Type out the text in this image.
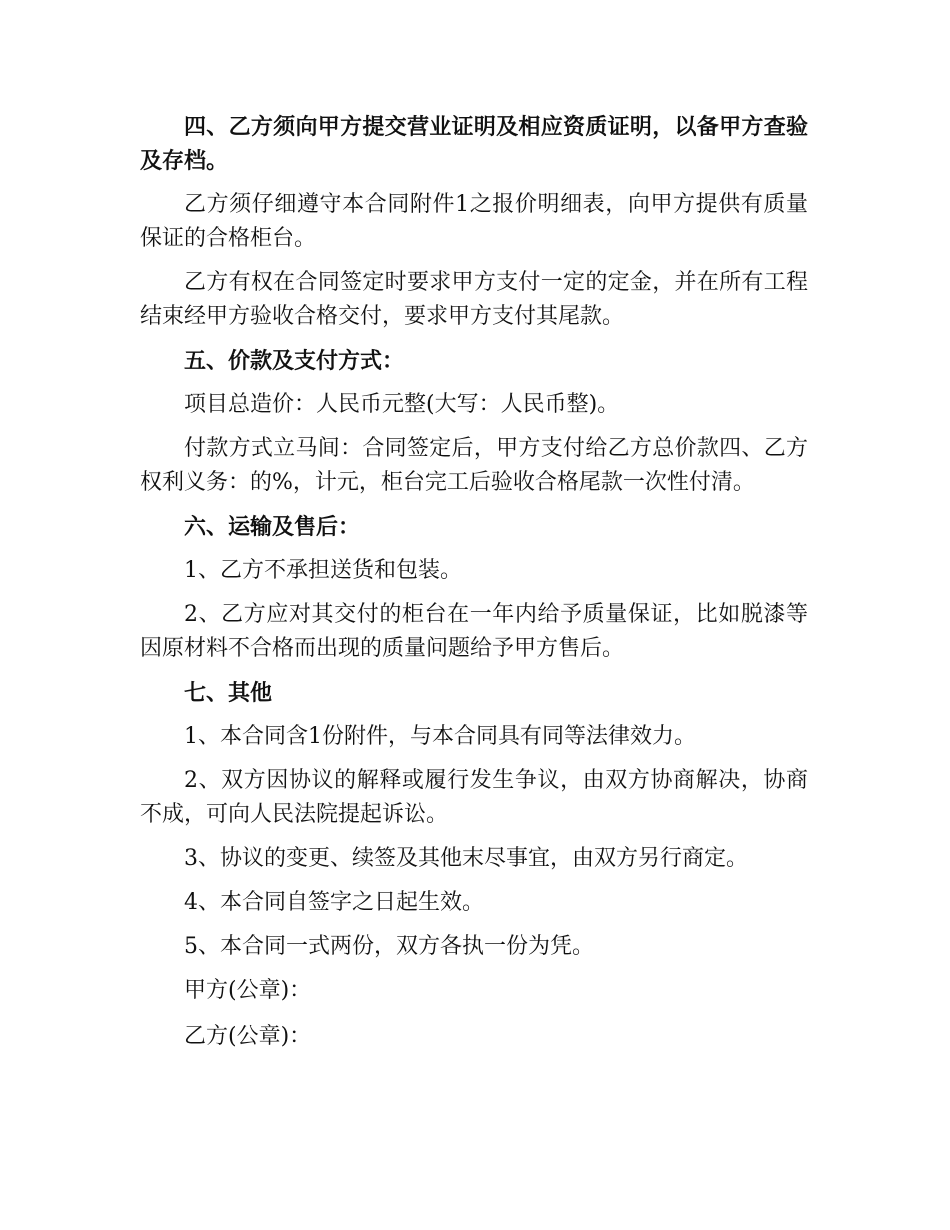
四、乙方须向甲方提交营业证明及相应资质证明，以备甲方查验及存档。

乙方须仔细遵守本合同附件1之报价明细表，向甲方提供有质量保证的合格柜台。

乙方有权在合同签定时要求甲方支付一定的定金，并在所有工程结束经甲方验收合格交付，要求甲方支付其尾款。

五、价款及支付方式：

项目总造价：人民币元整(大写：人民币整)。

付款方式立马间：合同签定后，甲方支付给乙方总价款四、乙方权利义务：的%，计元，柜台完工后验收合格尾款一次性付清。

六、运输及售后：

1、乙方不承担送货和包装。

2、乙方应对其交付的柜台在一年内给予质量保证，比如脱漆等因原材料不合格而出现的质量问题给予甲方售后。

七、其他

1、本合同含1份附件，与本合同具有同等法律效力。

2、双方因协议的解释或履行发生争议，由双方协商解决，协商不成，可向人民法院提起诉讼。

3、协议的变更、续签及其他末尽事宜，由双方另行商定。

4、本合同自签字之日起生效。

5、本合同一式两份，双方各执一份为凭。

甲方(公章)：

乙方(公章)：
